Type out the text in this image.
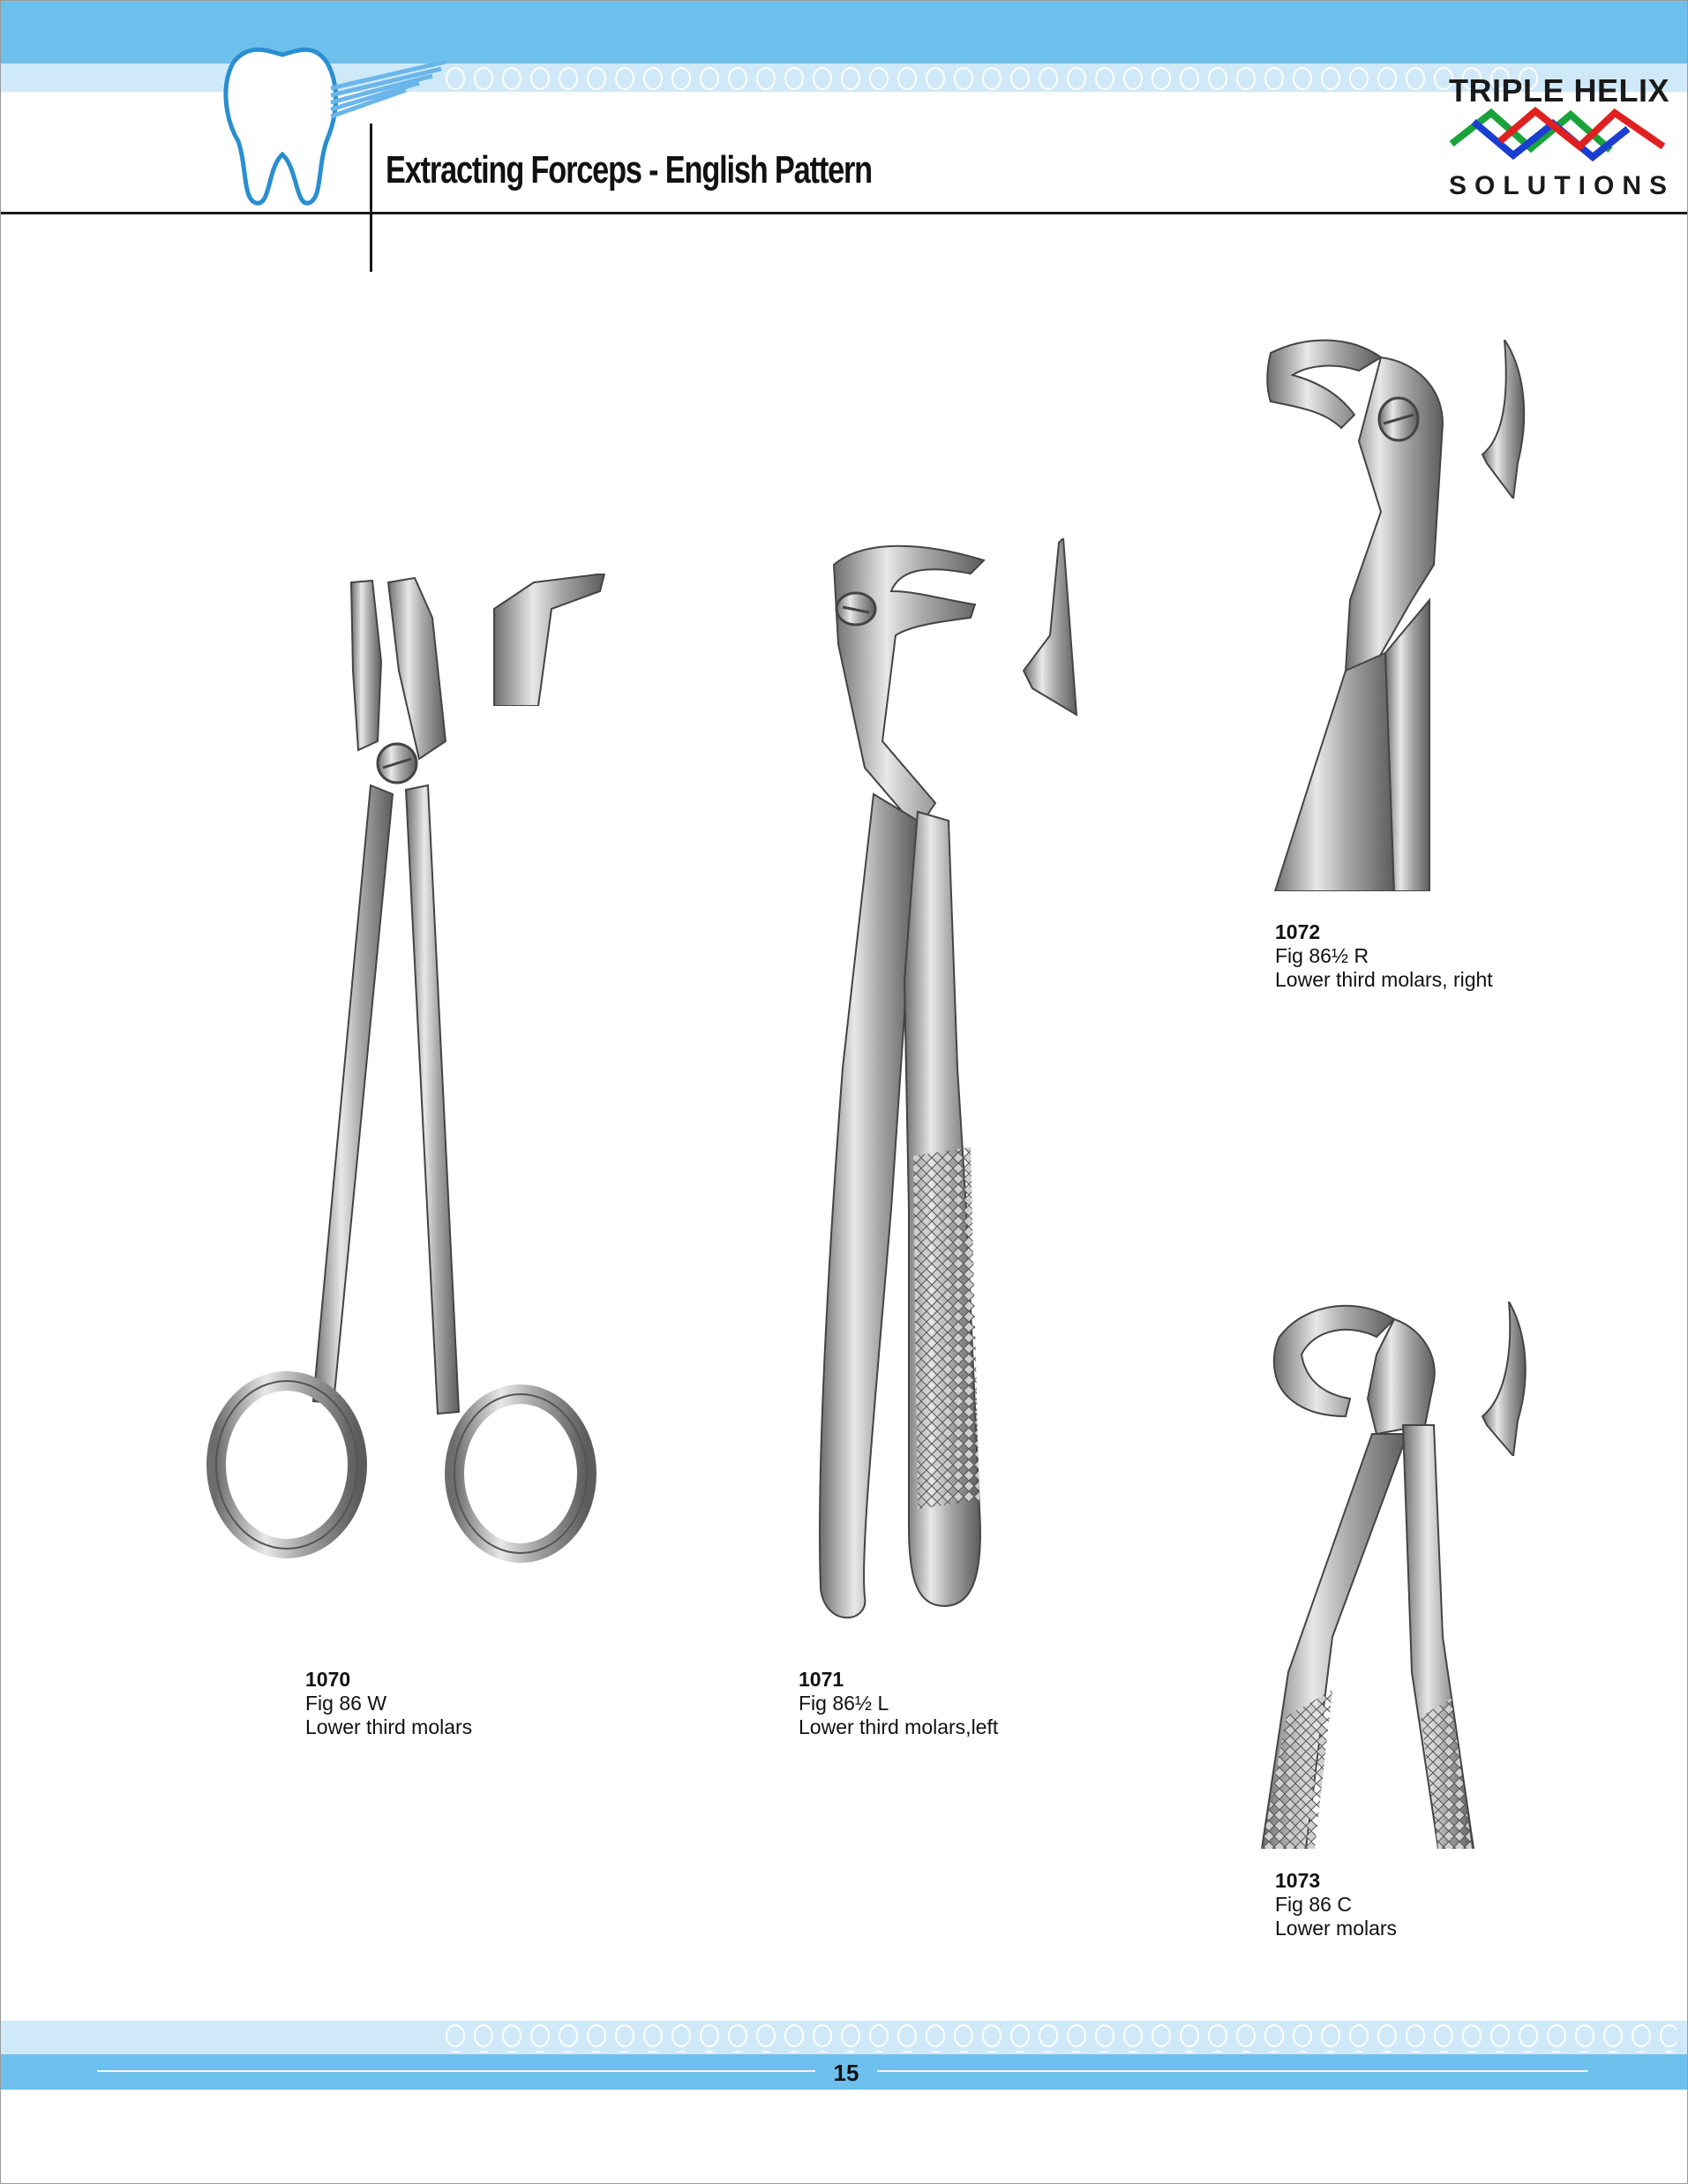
Extracting Forceps - English Pattern
TRIPLE HELIX
SOLUTIONS
1070
Fig 86 W
Lower third molars
1071
Fig 86½ L
Lower third molars,left
1072
Fig 86½ R
Lower third molars, right
1073
Fig 86 C
Lower molars
15
